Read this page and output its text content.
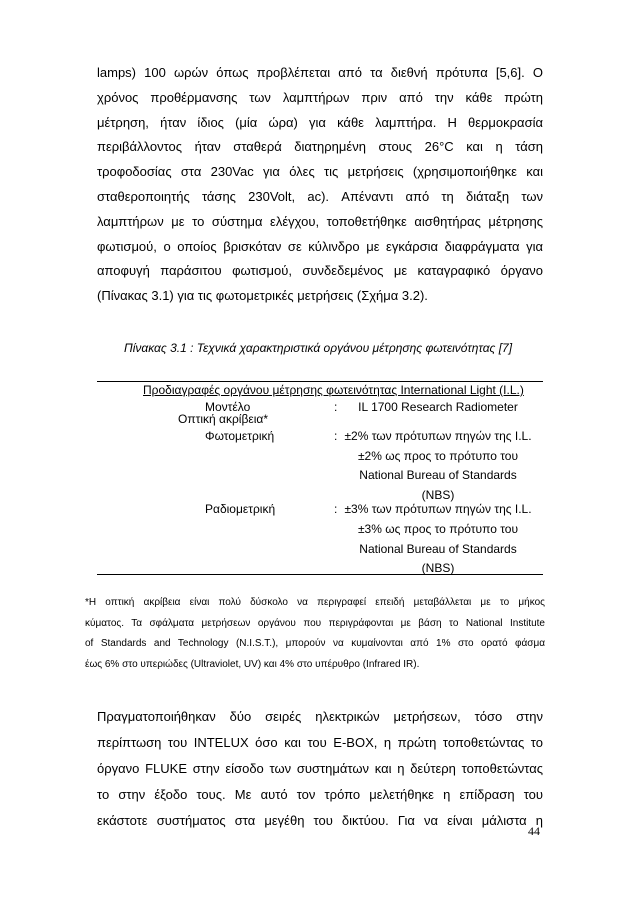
lamps) 100 ωρών όπως προβλέπεται από τα διεθνή πρότυπα [5,6]. Ο
χρόνος προθέρμανσης των λαμπτήρων πριν από την κάθε πρώτη
μέτρηση, ήταν ίδιος (μία ώρα) για κάθε λαμπτήρα. Η θερμοκρασία
περιβάλλοντος ήταν σταθερά διατηρημένη στους 26°C και η τάση
τροφοδοσίας στα 230Vac για όλες τις μετρήσεις (χρησιμοποιήθηκε και
σταθεροποιητής τάσης 230Volt, ac). Απέναντι από τη διάταξη των
λαμπτήρων με το σύστημα ελέγχου, τοποθετήθηκε αισθητήρας μέτρησης
φωτισμού, ο οποίος βρισκόταν σε κύλινδρο με εγκάρσια διαφράγματα για
αποφυγή παράσιτου φωτισμού, συνδεδεμένος με καταγραφικό όργανο
(Πίνακας 3.1) για τις φωτομετρικές μετρήσεις (Σχήμα 3.2).
Πίνακας 3.1 : Τεχνικά χαρακτηριστικά οργάνου μέτρησης φωτεινότητας [7]
Προδιαγραφές οργάνου μέτρησης φωτεινότητας International Light (I.L.)
Μοντέλο	:	IL 1700 Research Radiometer
Οπτική ακρίβεια*
Φωτομετρική	: ±2% των πρότυπων πηγών της I.L.
±2% ως προς το πρότυπο του
National Bureau of Standards
(NBS)
Ραδιομετρική	: ±3% των πρότυπων πηγών της I.L.
±3% ως προς το πρότυπο του
National Bureau of Standards
(NBS)
*Η οπτική ακρίβεια είναι πολύ δύσκολο να περιγραφεί επειδή μεταβάλλεται με το μήκος
κύματος. Τα σφάλματα μετρήσεων οργάνου που περιγράφονται με βάση το National Institute
of Standards and Technology (N.I.S.T.), μπορούν να κυμαίνονται από 1% στο ορατό φάσμα
έως 6% στο υπεριώδες (Ultraviolet, UV) και 4% στο υπέρυθρο (Infrared IR).
Πραγματοποιήθηκαν δύο σειρές ηλεκτρικών μετρήσεων, τόσο στην
περίπτωση του INTELUX όσο και του E-BOX, η πρώτη τοποθετώντας το
όργανο FLUKE στην είσοδο των συστημάτων και η δεύτερη τοποθετώντας
το στην έξοδο τους. Με αυτό τον τρόπο μελετήθηκε η επίδραση του
εκάστοτε συστήματος στα μεγέθη του δικτύου. Για να είναι μάλιστα η
44
